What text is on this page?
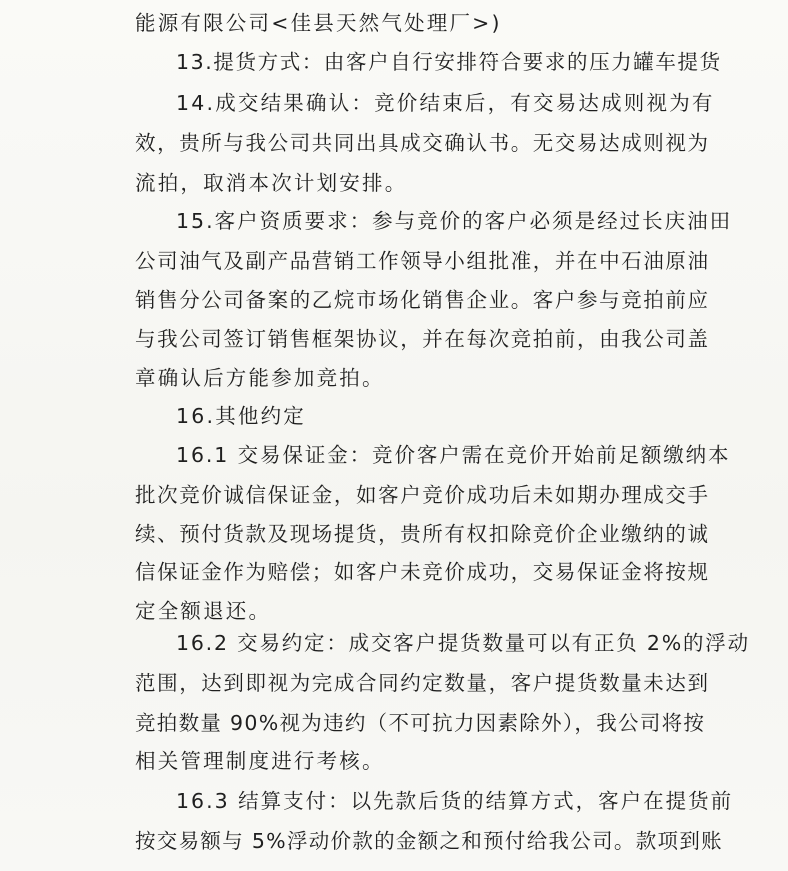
能源有限公司<佳县天然气处理厂>)
13.提货方式：由客户自行安排符合要求的压力罐车提货
14.成交结果确认：竞价结束后，有交易达成则视为有
效，贵所与我公司共同出具成交确认书。无交易达成则视为
流拍，取消本次计划安排。
15.客户资质要求：参与竞价的客户必须是经过长庆油田
公司油气及副产品营销工作领导小组批准，并在中石油原油
销售分公司备案的乙烷市场化销售企业。客户参与竞拍前应
与我公司签订销售框架协议，并在每次竞拍前，由我公司盖
章确认后方能参加竞拍。
16.其他约定
16.1 交易保证金：竞价客户需在竞价开始前足额缴纳本
批次竞价诚信保证金，如客户竞价成功后未如期办理成交手
续、预付货款及现场提货，贵所有权扣除竞价企业缴纳的诚
信保证金作为赔偿；如客户未竞价成功，交易保证金将按规
定全额退还。
16.2 交易约定：成交客户提货数量可以有正负 2%的浮动
范围，达到即视为完成合同约定数量，客户提货数量未达到
竞拍数量 90%视为违约（不可抗力因素除外），我公司将按
相关管理制度进行考核。
16.3 结算支付：以先款后货的结算方式，客户在提货前
按交易额与 5%浮动价款的金额之和预付给我公司。款项到账
